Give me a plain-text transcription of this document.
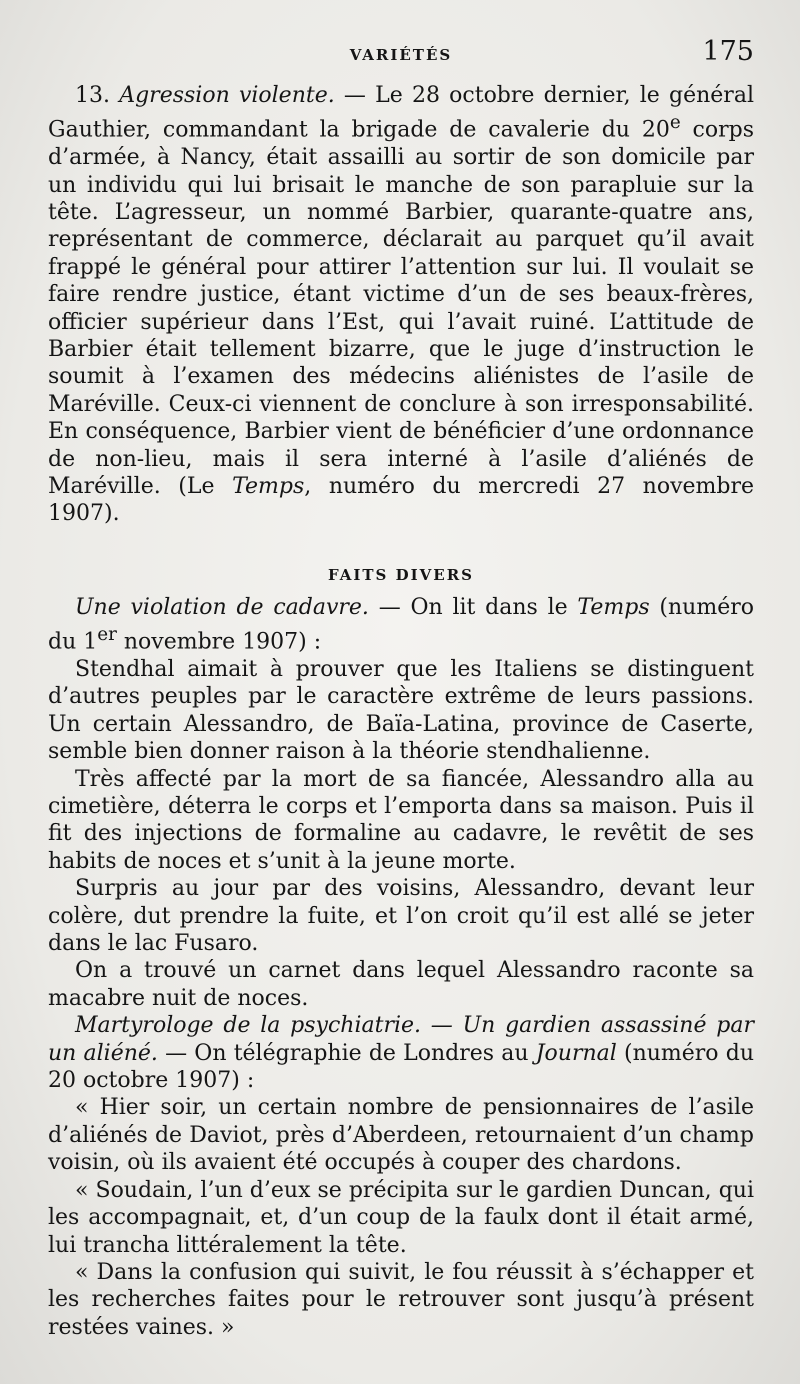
VARIÉTÉS	175

13. Agression violente. — Le 28 octobre dernier, le général Gauthier, commandant la brigade de cavalerie du 20e corps d’armée, à Nancy, était assailli au sortir de son domicile par un individu qui lui brisait le manche de son parapluie sur la tête. L’agresseur, un nommé Barbier, quarante-quatre ans, représentant de commerce, déclarait au parquet qu’il avait frappé le général pour attirer l’attention sur lui. Il voulait se faire rendre justice, étant victime d’un de ses beaux-frères, officier supérieur dans l’Est, qui l’avait ruiné. L’attitude de Barbier était tellement bizarre, que le juge d’instruction le soumit à l’examen des médecins aliénistes de l’asile de Maréville. Ceux-ci viennent de conclure à son irresponsabilité. En conséquence, Barbier vient de bénéficier d’une ordonnance de non-lieu, mais il sera interné à l’asile d’aliénés de Maréville. (Le Temps, numéro du mercredi 27 novembre 1907).

FAITS DIVERS

Une violation de cadavre. — On lit dans le Temps (numéro du 1er novembre 1907) :

Stendhal aimait à prouver que les Italiens se distinguent d’autres peuples par le caractère extrême de leurs passions. Un certain Alessandro, de Baïa-Latina, province de Caserte, semble bien donner raison à la théorie stendhalienne.

Très affecté par la mort de sa fiancée, Alessandro alla au cimetière, déterra le corps et l’emporta dans sa maison. Puis il fit des injections de formaline au cadavre, le revêtit de ses habits de noces et s’unit à la jeune morte.

Surpris au jour par des voisins, Alessandro, devant leur colère, dut prendre la fuite, et l’on croit qu’il est allé se jeter dans le lac Fusaro.

On a trouvé un carnet dans lequel Alessandro raconte sa macabre nuit de noces.

Martyrologe de la psychiatrie. — Un gardien assassiné par un aliéné. — On télégraphie de Londres au Journal (numéro du 20 octobre 1907) :

« Hier soir, un certain nombre de pensionnaires de l’asile d’aliénés de Daviot, près d’Aberdeen, retournaient d’un champ voisin, où ils avaient été occupés à couper des chardons.

« Soudain, l’un d’eux se précipita sur le gardien Duncan, qui les accompagnait, et, d’un coup de la faulx dont il était armé, lui trancha littéralement la tête.

« Dans la confusion qui suivit, le fou réussit à s’échapper et les recherches faites pour le retrouver sont jusqu’à présent restées vaines. »
